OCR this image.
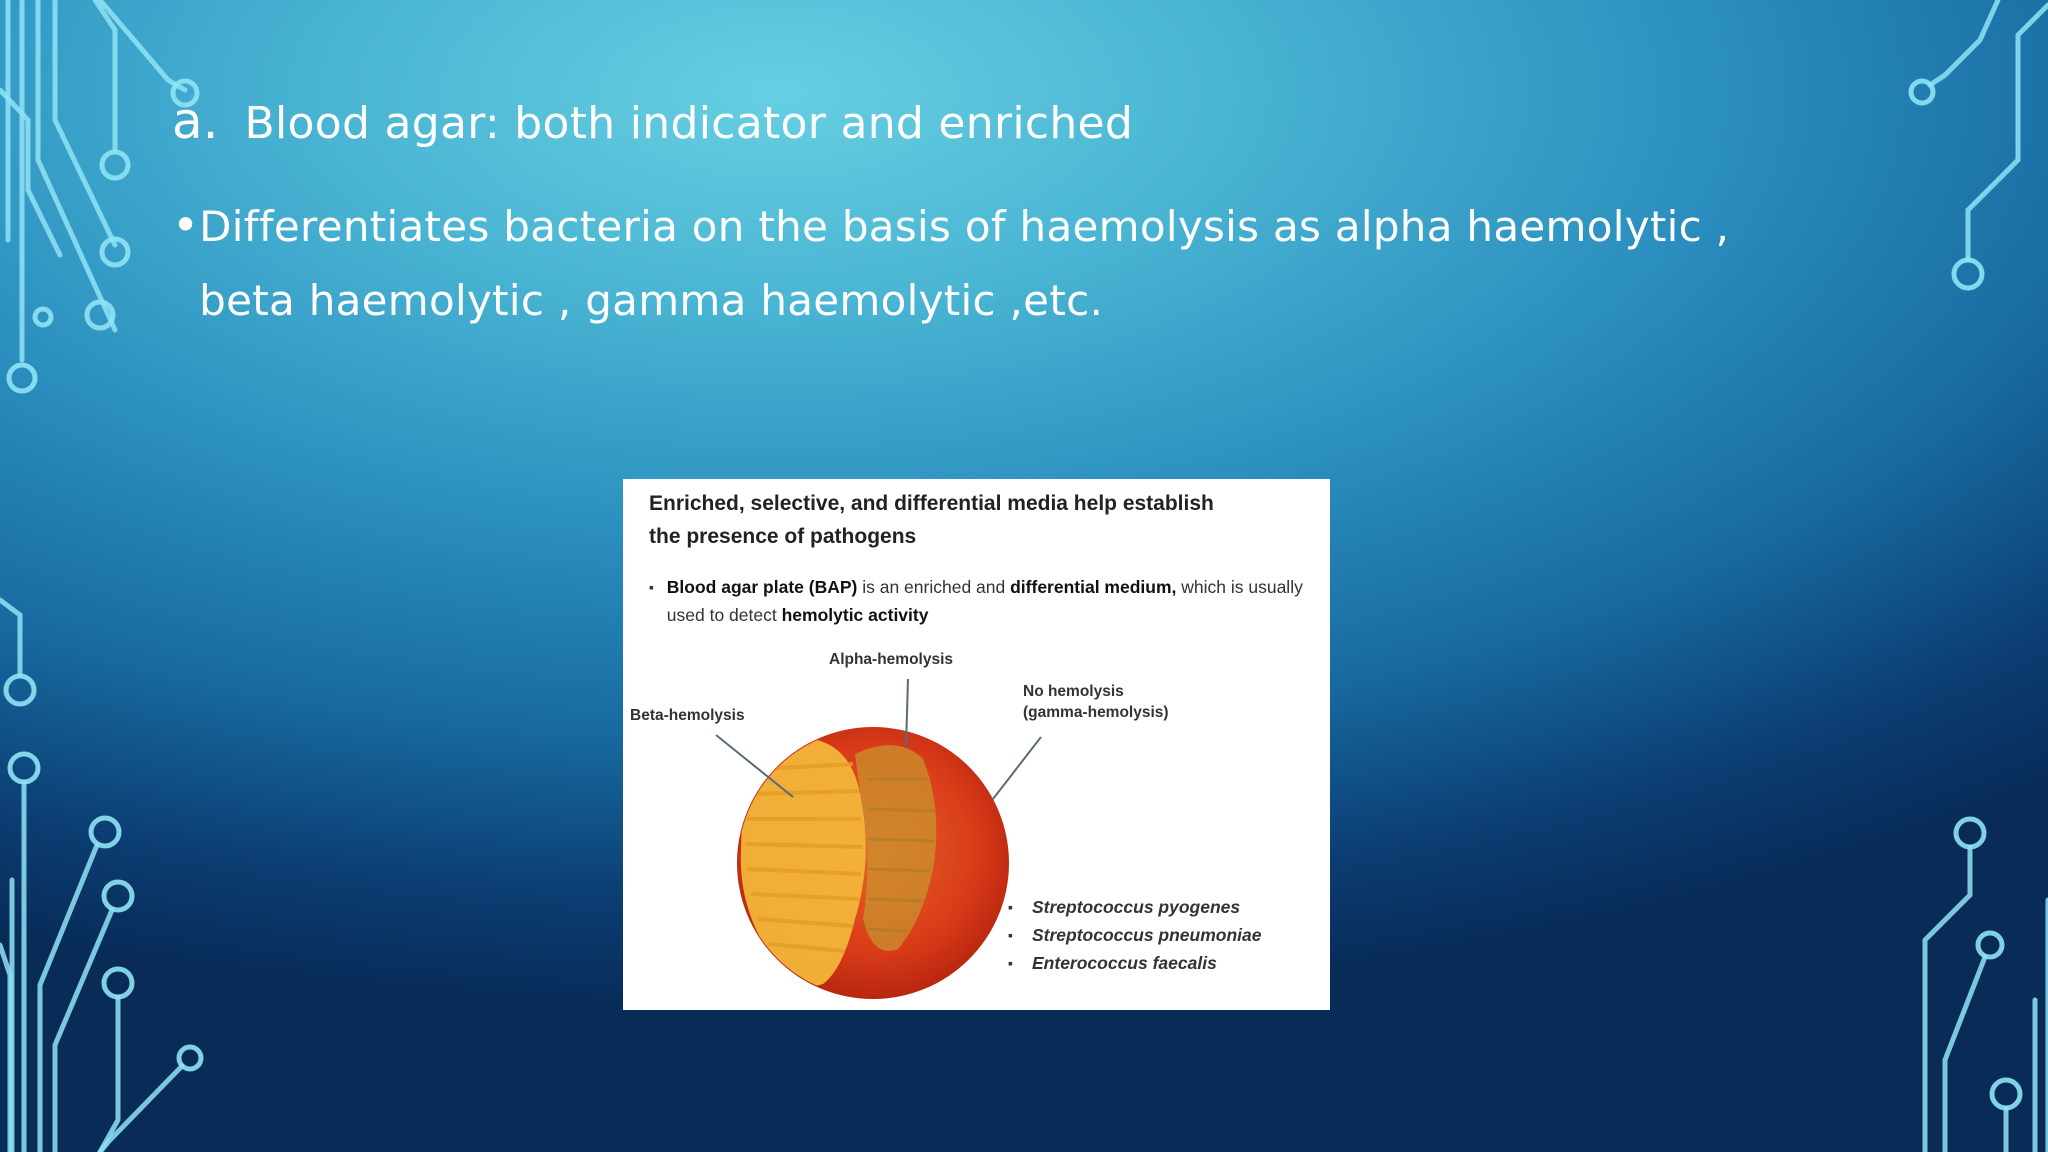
a. Blood agar: both indicator and enriched
• Differentiates bacteria on the basis of haemolysis as alpha haemolytic , beta haemolytic , gamma haemolytic ,etc.
Enriched, selective, and differential media help establish the presence of pathogens
▪ Blood agar plate (BAP) is an enriched and differential medium, which is usually used to detect hemolytic activity
Alpha-hemolysis
Beta-hemolysis
No hemolysis
(gamma-hemolysis)
▪	Streptococcus pyogenes
▪	Streptococcus pneumoniae
▪	Enterococcus faecalis
